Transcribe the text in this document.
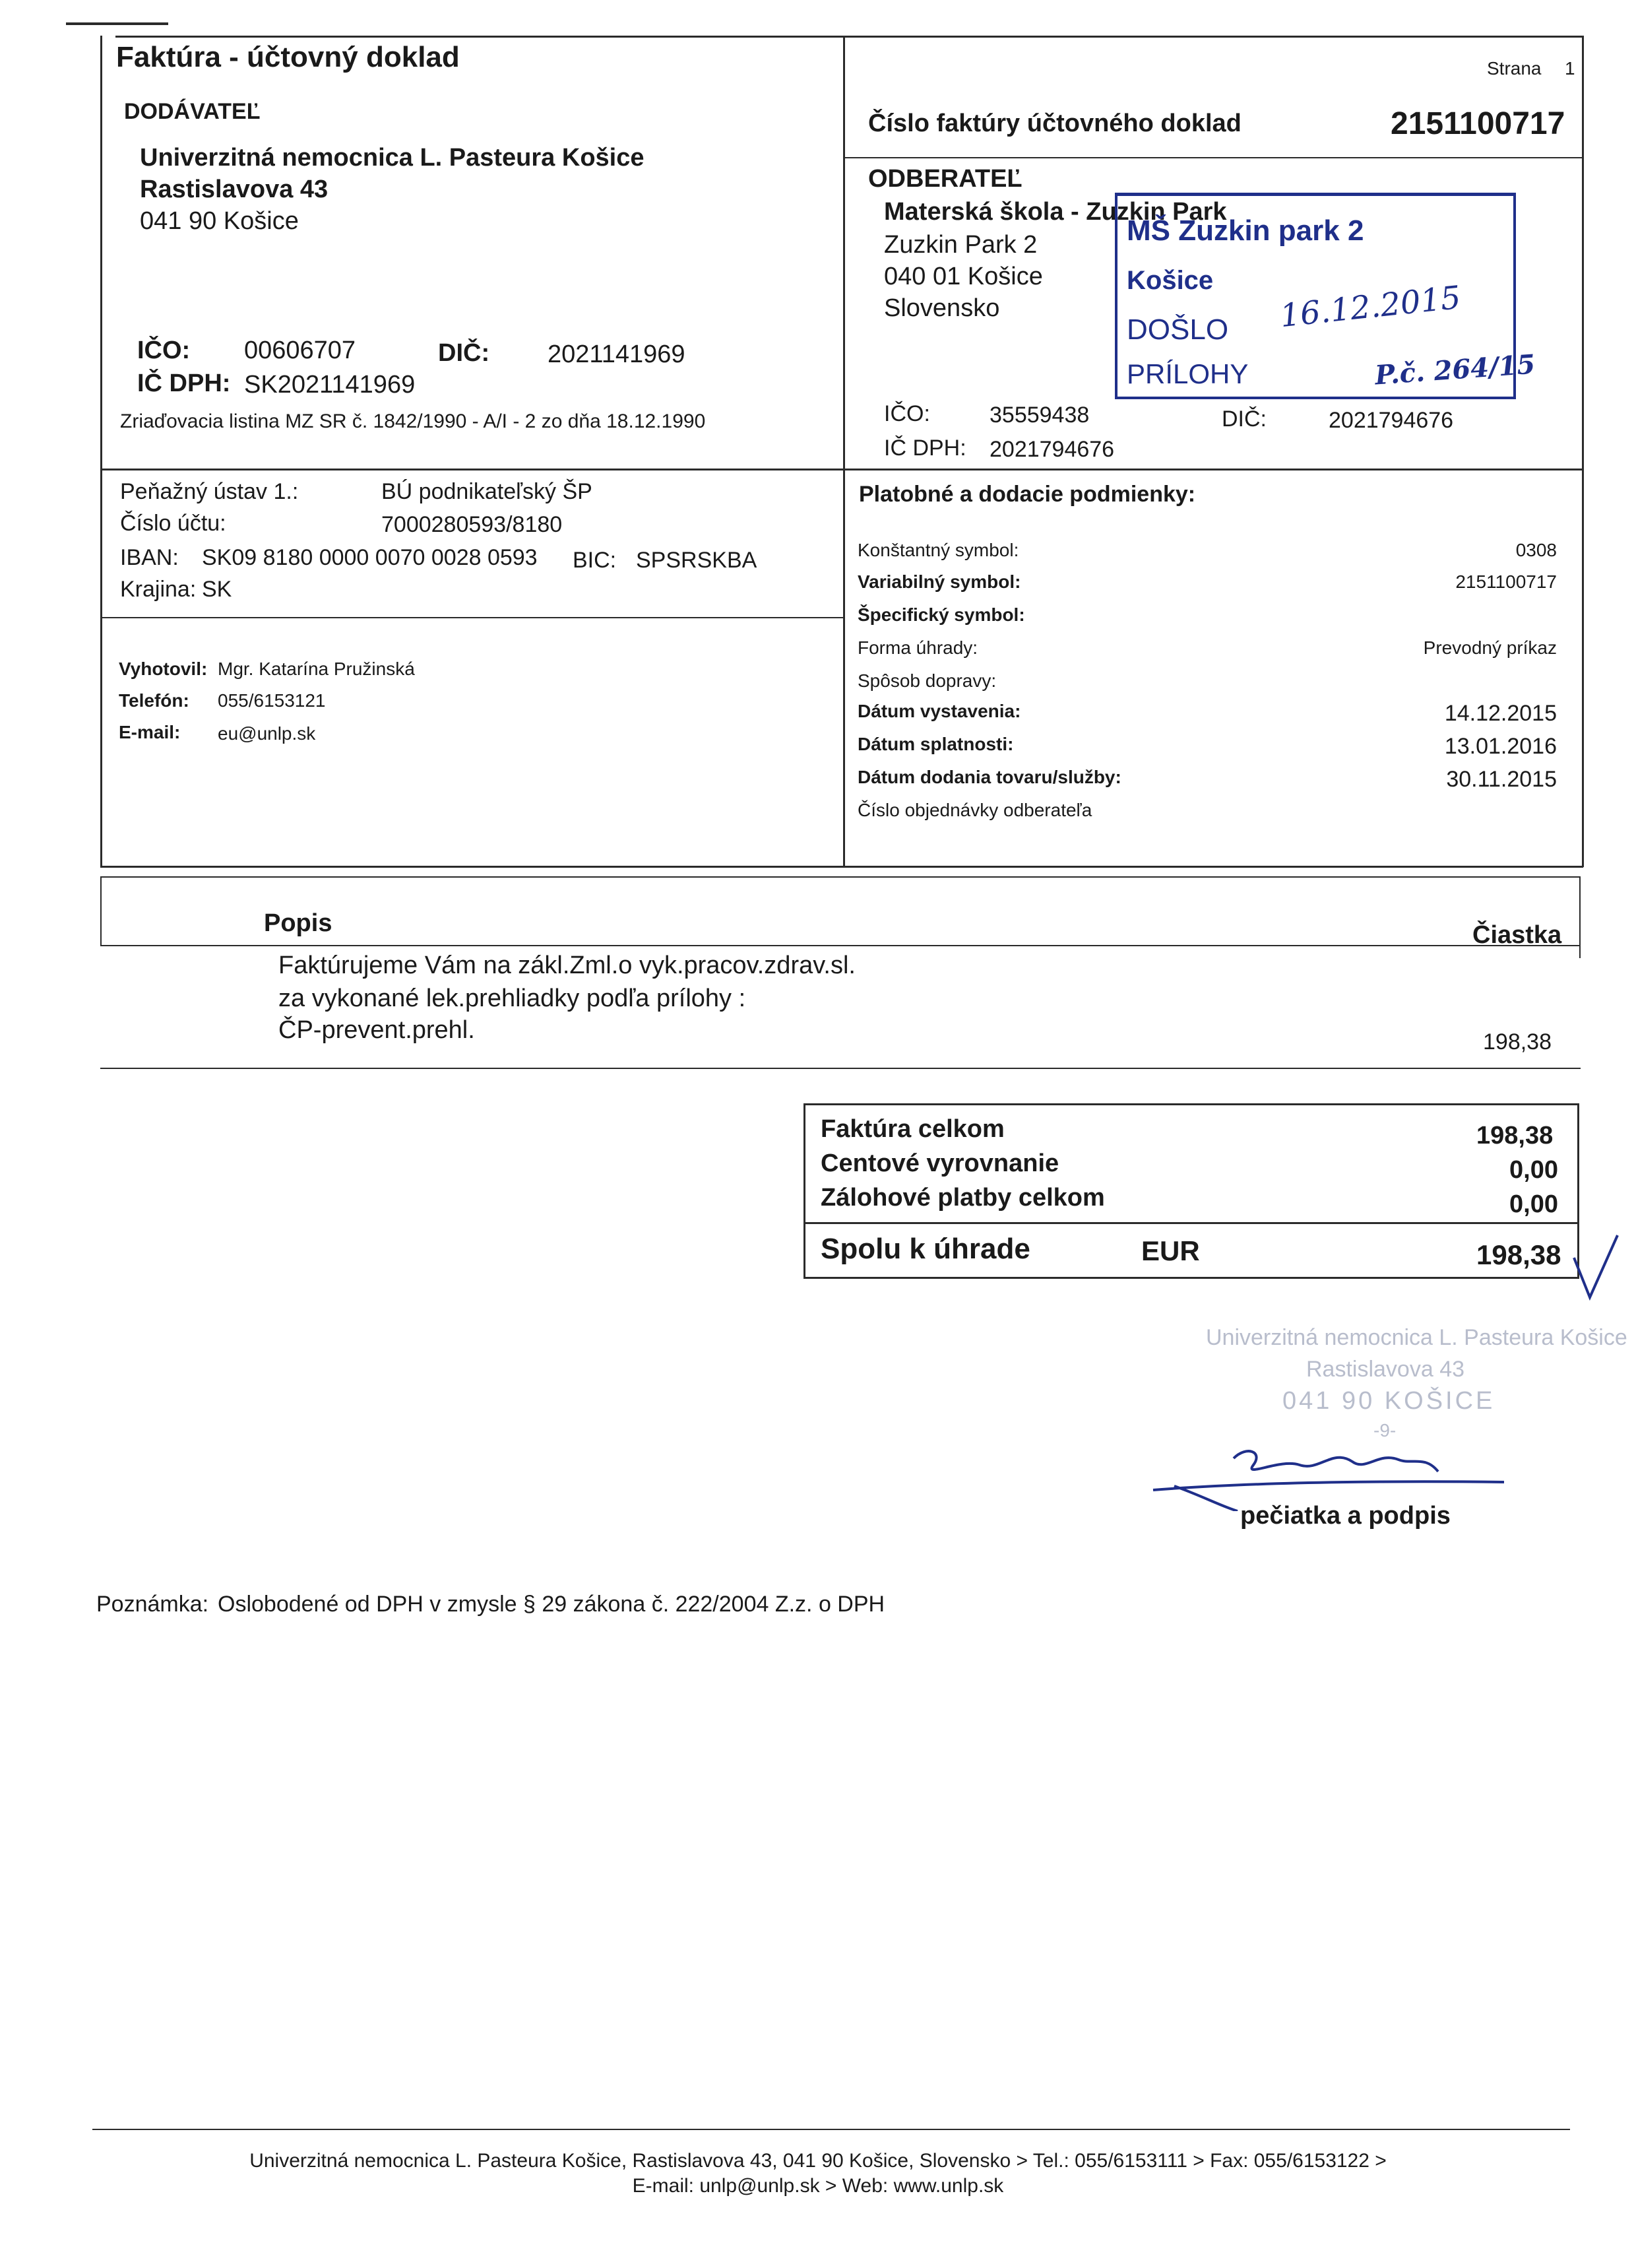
Faktúra - účtovný doklad	Strana 1
DODÁVATEĽ
Univerzitná nemocnica L. Pasteura Košice
Rastislavova 43
041 90 Košice
IČO: 00606707	DIČ: 2021141969
IČ DPH: SK2021141969
Zriaďovacia listina MZ SR č. 1842/1990 - A/I - 2 zo dňa 18.12.1990
Číslo faktúry účtovného doklad	2151100717
ODBERATEĽ
Materská škola - Zuzkin Park
Zuzkin Park 2
040 01 Košice
Slovensko
IČO:	35559438	DIČ:	2021794676
IČ DPH: 2021794676
MŠ Zuzkin park 2
Košice
DOŠLO 16.12.2015
PRÍLOHY	P.č. 264/15
Peňažný ústav 1.:	BÚ podnikateľský ŠP
Číslo účtu:	7000280593/8180
IBAN: SK09 8180 0000 0070 0028 0593 BIC: SPSRSKBA
Krajina: SK
Vyhotovil: Mgr. Katarína Pružinská
Telefón: 055/6153121
E-mail: eu@unlp.sk
Platobné a dodacie podmienky:
Konštantný symbol:	0308
Variabilný symbol:	2151100717
Špecifický symbol:
Forma úhrady:	Prevodný príkaz
Spôsob dopravy:
Dátum vystavenia:	14.12.2015
Dátum splatnosti:	13.01.2016
Dátum dodania tovaru/služby:	30.11.2015
Číslo objednávky odberateľa
Popis	Čiastka
Faktúrujeme Vám na zákl.Zml.o vyk.pracov.zdrav.sl.
za vykonané lek.prehliadky podľa prílohy :
ČP-prevent.prehl.	198,38
Faktúra celkom	198,38
Centové vyrovnanie	0,00
Zálohové platby celkom	0,00
Spolu k úhrade	EUR	198,38
Univerzitná nemocnica L. Pasteura Košice
Rastislavova 43
041 90 KOŠICE
-9-
pečiatka a podpis
Poznámka: Oslobodené od DPH v zmysle § 29 zákona č. 222/2004 Z.z. o DPH
Univerzitná nemocnica L. Pasteura Košice, Rastislavova 43, 041 90 Košice, Slovensko > Tel.: 055/6153111 > Fax: 055/6153122 >
E-mail: unlp@unlp.sk > Web: www.unlp.sk
